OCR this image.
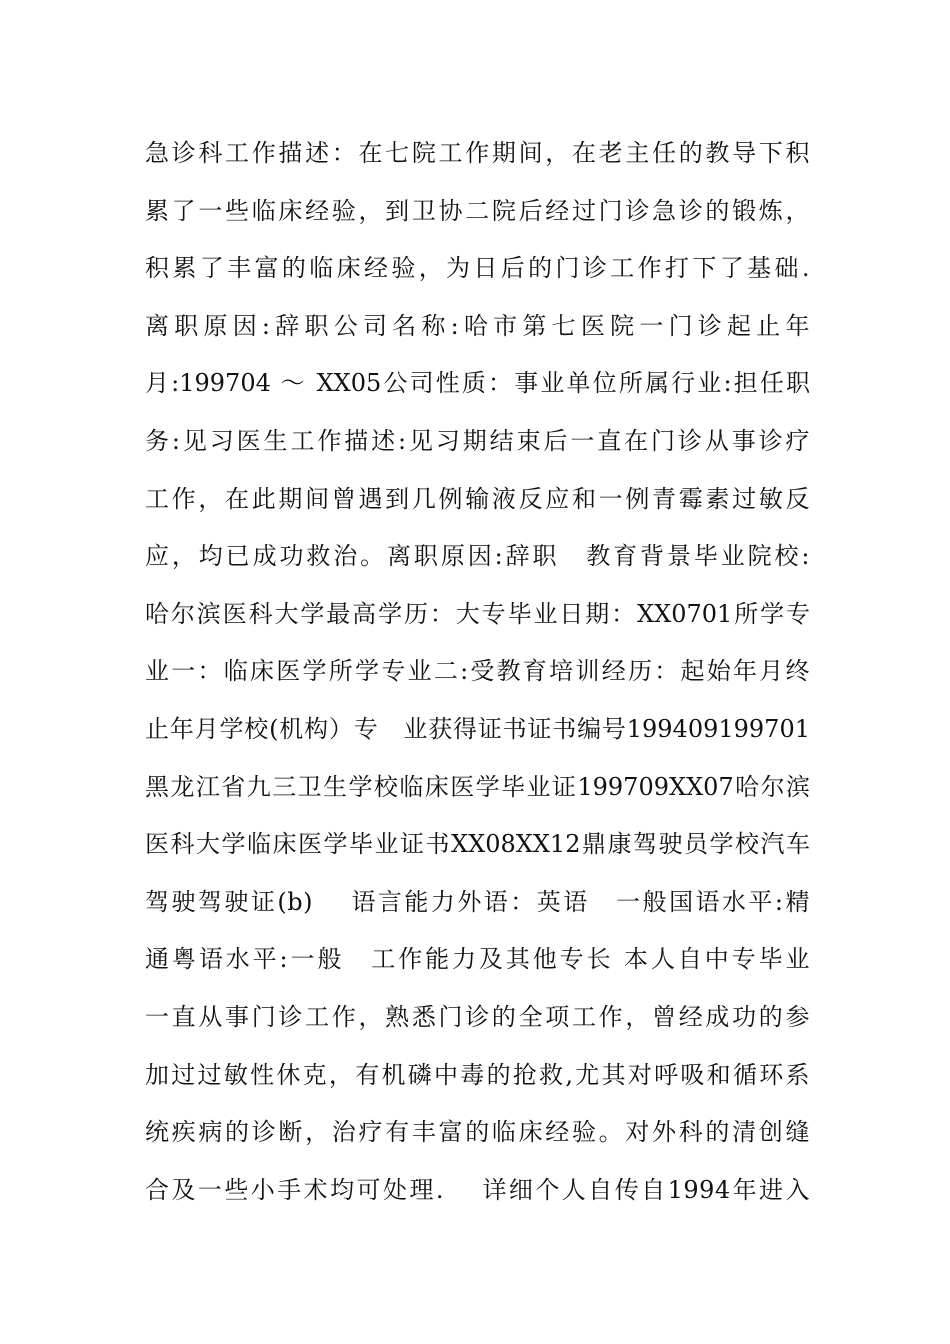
急诊科工作描述：在七院工作期间，在老主任的教导下积
累了一些临床经验，到卫协二院后经过门诊急诊的锻炼，
积累了丰富的临床经验，为日后的门诊工作打下了基础.
离职原因:辞职公司名称:哈市第七医院一门诊起止年
月:199704 ～ XX05公司性质：事业单位所属行业:担任职
务:见习医生工作描述:见习期结束后一直在门诊从事诊疗
工作，在此期间曾遇到几例输液反应和一例青霉素过敏反
应，均已成功救治。离职原因:辞职　教育背景毕业院校:
哈尔滨医科大学最高学历：大专毕业日期：XX0701所学专
业一：临床医学所学专业二:受教育培训经历：起始年月终
止年月学校(机构）专　业获得证书证书编号199409199701
黑龙江省九三卫生学校临床医学毕业证199709XX07哈尔滨
医科大学临床医学毕业证书XX08XX12鼎康驾驶员学校汽车
驾驶驾驶证(b)　 语言能力外语：英语　一般国语水平:精
通粤语水平:一般　工作能力及其他专长 本人自中专毕业
一直从事门诊工作，熟悉门诊的全项工作，曾经成功的参
加过过敏性休克，有机磷中毒的抢救,尤其对呼吸和循环系
统疾病的诊断，治疗有丰富的临床经验。对外科的清创缝
合及一些小手术均可处理.　 详细个人自传自1994年进入
